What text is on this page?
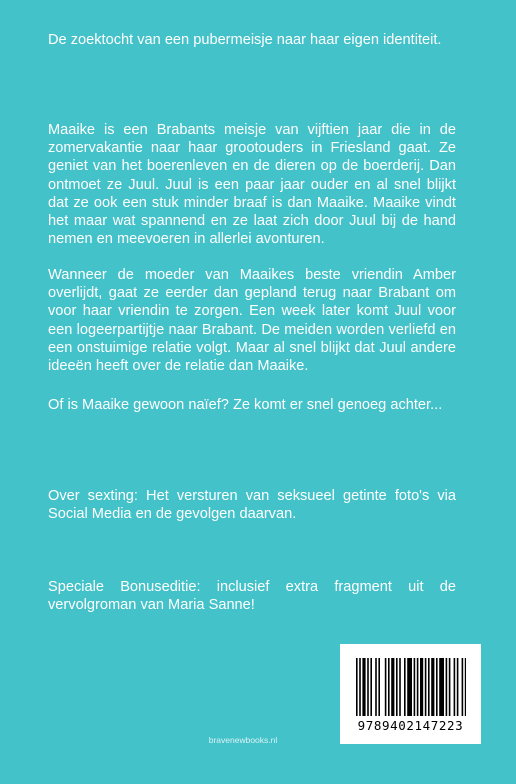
De zoektocht van een pubermeisje naar haar eigen identiteit.

Maaike is een Brabants meisje van vijftien jaar die in de zomervakantie naar haar grootouders in Friesland gaat. Ze geniet van het boerenleven en de dieren op de boerderij. Dan ontmoet ze Juul. Juul is een paar jaar ouder en al snel blijkt dat ze ook een stuk minder braaf is dan Maaike. Maaike vindt het maar wat spannend en ze laat zich door Juul bij de hand nemen en meevoeren in allerlei avonturen.

Wanneer de moeder van Maaikes beste vriendin Amber overlijdt, gaat ze eerder dan gepland terug naar Brabant om voor haar vriendin te zorgen. Een week later komt Juul voor een logeerpartijtje naar Brabant. De meiden worden verliefd en een onstuimige relatie volgt. Maar al snel blijkt dat Juul andere ideeën heeft over de relatie dan Maaike.

Of is Maaike gewoon naïef? Ze komt er snel genoeg achter...

Over sexting: Het versturen van seksueel getinte foto's via Social Media en de gevolgen daarvan.

Speciale Bonuseditie: inclusief extra fragment uit de vervolgroman van Maria Sanne!

9789402147223
bravenewbooks.nl
